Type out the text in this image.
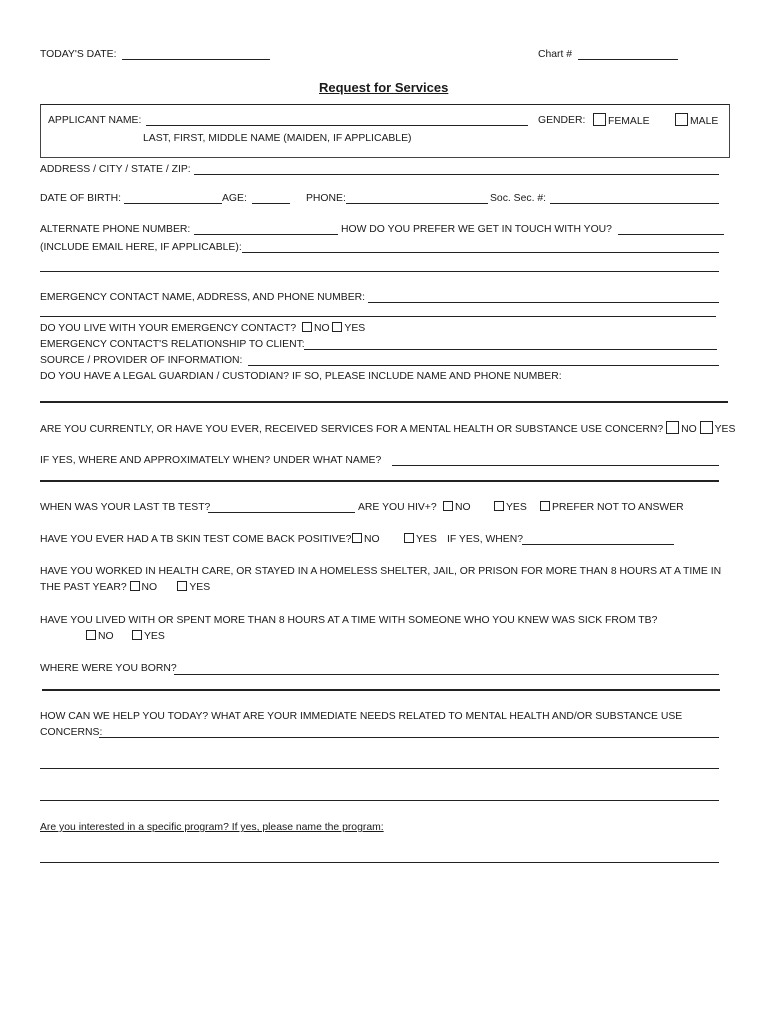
TODAY'S DATE:	Chart #
Request for Services
APPLICANT NAME:	GENDER:	FEMALE	MALE
LAST, FIRST, MIDDLE NAME (MAIDEN, IF APPLICABLE)
ADDRESS / CITY / STATE / ZIP:
DATE OF BIRTH:	AGE:	PHONE:	Soc. Sec. #:
ALTERNATE PHONE NUMBER:	HOW DO YOU PREFER WE GET IN TOUCH WITH YOU?
(INCLUDE EMAIL HERE, IF APPLICABLE):
EMERGENCY CONTACT NAME, ADDRESS, AND PHONE NUMBER:
DO YOU LIVE WITH YOUR EMERGENCY CONTACT? NO YES
EMERGENCY CONTACT'S RELATIONSHIP TO CLIENT:
SOURCE / PROVIDER OF INFORMATION:
DO YOU HAVE A LEGAL GUARDIAN / CUSTODIAN? IF SO, PLEASE INCLUDE NAME AND PHONE NUMBER:
ARE YOU CURRENTLY, OR HAVE YOU EVER, RECEIVED SERVICES FOR A MENTAL HEALTH OR SUBSTANCE USE CONCERN? NO YES
IF YES, WHERE AND APPROXIMATELY WHEN? UNDER WHAT NAME?
WHEN WAS YOUR LAST TB TEST?	ARE YOU HIV+?	NO	YES	PREFER NOT TO ANSWER
HAVE YOU EVER HAD A TB SKIN TEST COME BACK POSITIVE?	NO	YES IF YES, WHEN?
HAVE YOU WORKED IN HEALTH CARE, OR STAYED IN A HOMELESS SHELTER, JAIL, OR PRISON FOR MORE THAN 8 HOURS AT A TIME IN
THE PAST YEAR? NO	YES
HAVE YOU LIVED WITH OR SPENT MORE THAN 8 HOURS AT A TIME WITH SOMEONE WHO YOU KNEW WAS SICK FROM TB?
NO	YES
WHERE WERE YOU BORN?
HOW CAN WE HELP YOU TODAY? WHAT ARE YOUR IMMEDIATE NEEDS RELATED TO MENTAL HEALTH AND/OR SUBSTANCE USE
CONCERNS:
Are you interested in a specific program? If yes, please name the program:
